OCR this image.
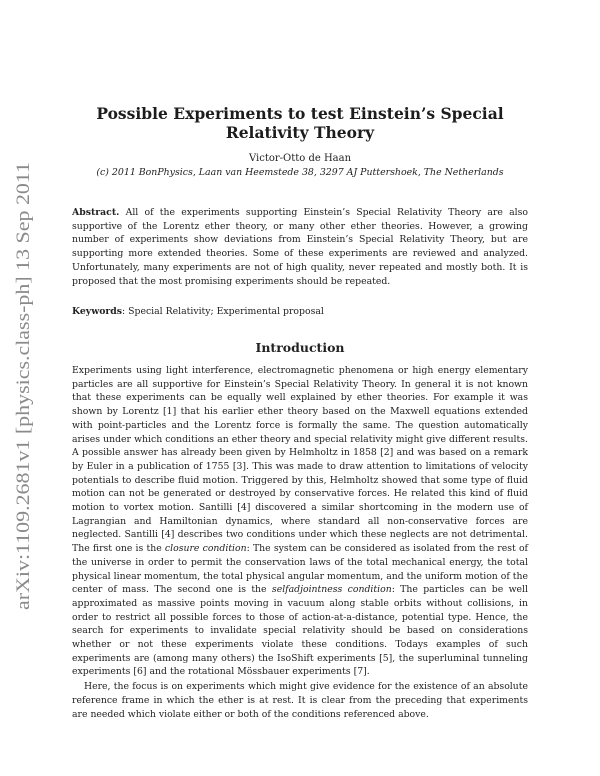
arXiv:1109.2681v1 [physics.class-ph] 13 Sep 2011
Possible Experiments to test Einstein’s Special
Relativity Theory
Victor-Otto de Haan
(c) 2011 BonPhysics, Laan van Heemstede 38, 3297 AJ Puttershoek, The Netherlands
Abstract. All of the experiments supporting Einstein’s Special Relativity Theory are also supportive of the Lorentz ether theory, or many other ether theories. However, a growing number of experiments show deviations from Einstein’s Special Relativity Theory, but are supporting more extended theories. Some of these experiments are reviewed and analyzed. Unfortunately, many experiments are not of high quality, never repeated and mostly both. It is proposed that the most promising experiments should be repeated.
Keywords: Special Relativity; Experimental proposal
Introduction

Experiments using light interference, electromagnetic phenomena or high energy elementary particles are all supportive for Einstein’s Special Relativity Theory. In general it is not known that these experiments can be equally well explained by ether theories. For example it was shown by Lorentz [1] that his earlier ether theory based on the Maxwell equations extended with point-particles and the Lorentz force is formally the same. The question automatically arises under which conditions an ether theory and special relativity might give different results. A possible answer has already been given by Helmholtz in 1858 [2] and was based on a remark by Euler in a publication of 1755 [3]. This was made to draw attention to limitations of velocity potentials to describe fluid motion. Triggered by this, Helmholtz showed that some type of fluid motion can not be generated or destroyed by conservative forces. He related this kind of fluid motion to vortex motion. Santilli [4] discovered a similar shortcoming in the modern use of Lagrangian and Hamiltonian dynamics, where standard all non-conservative forces are neglected. Santilli [4] describes two conditions under which these neglects are not detrimental. The first one is the closure condition: The system can be considered as isolated from the rest of the universe in order to permit the conservation laws of the total mechanical energy, the total physical linear momentum, the total physical angular momentum, and the uniform motion of the center of mass. The second one is the selfadjointness condition: The particles can be well approximated as massive points moving in vacuum along stable orbits without collisions, in order to restrict all possible forces to those of action-at-a-distance, potential type. Hence, the search for experiments to invalidate special relativity should be based on considerations whether or not these experiments violate these conditions. Todays examples of such experiments are (among many others) the IsoShift experiments [5], the superluminal tunneling experiments [6] and the rotational Mössbauer experiments [7].

Here, the focus is on experiments which might give evidence for the existence of an absolute reference frame in which the ether is at rest. It is clear from the preceding that experiments are needed which violate either or both of the conditions referenced above.
